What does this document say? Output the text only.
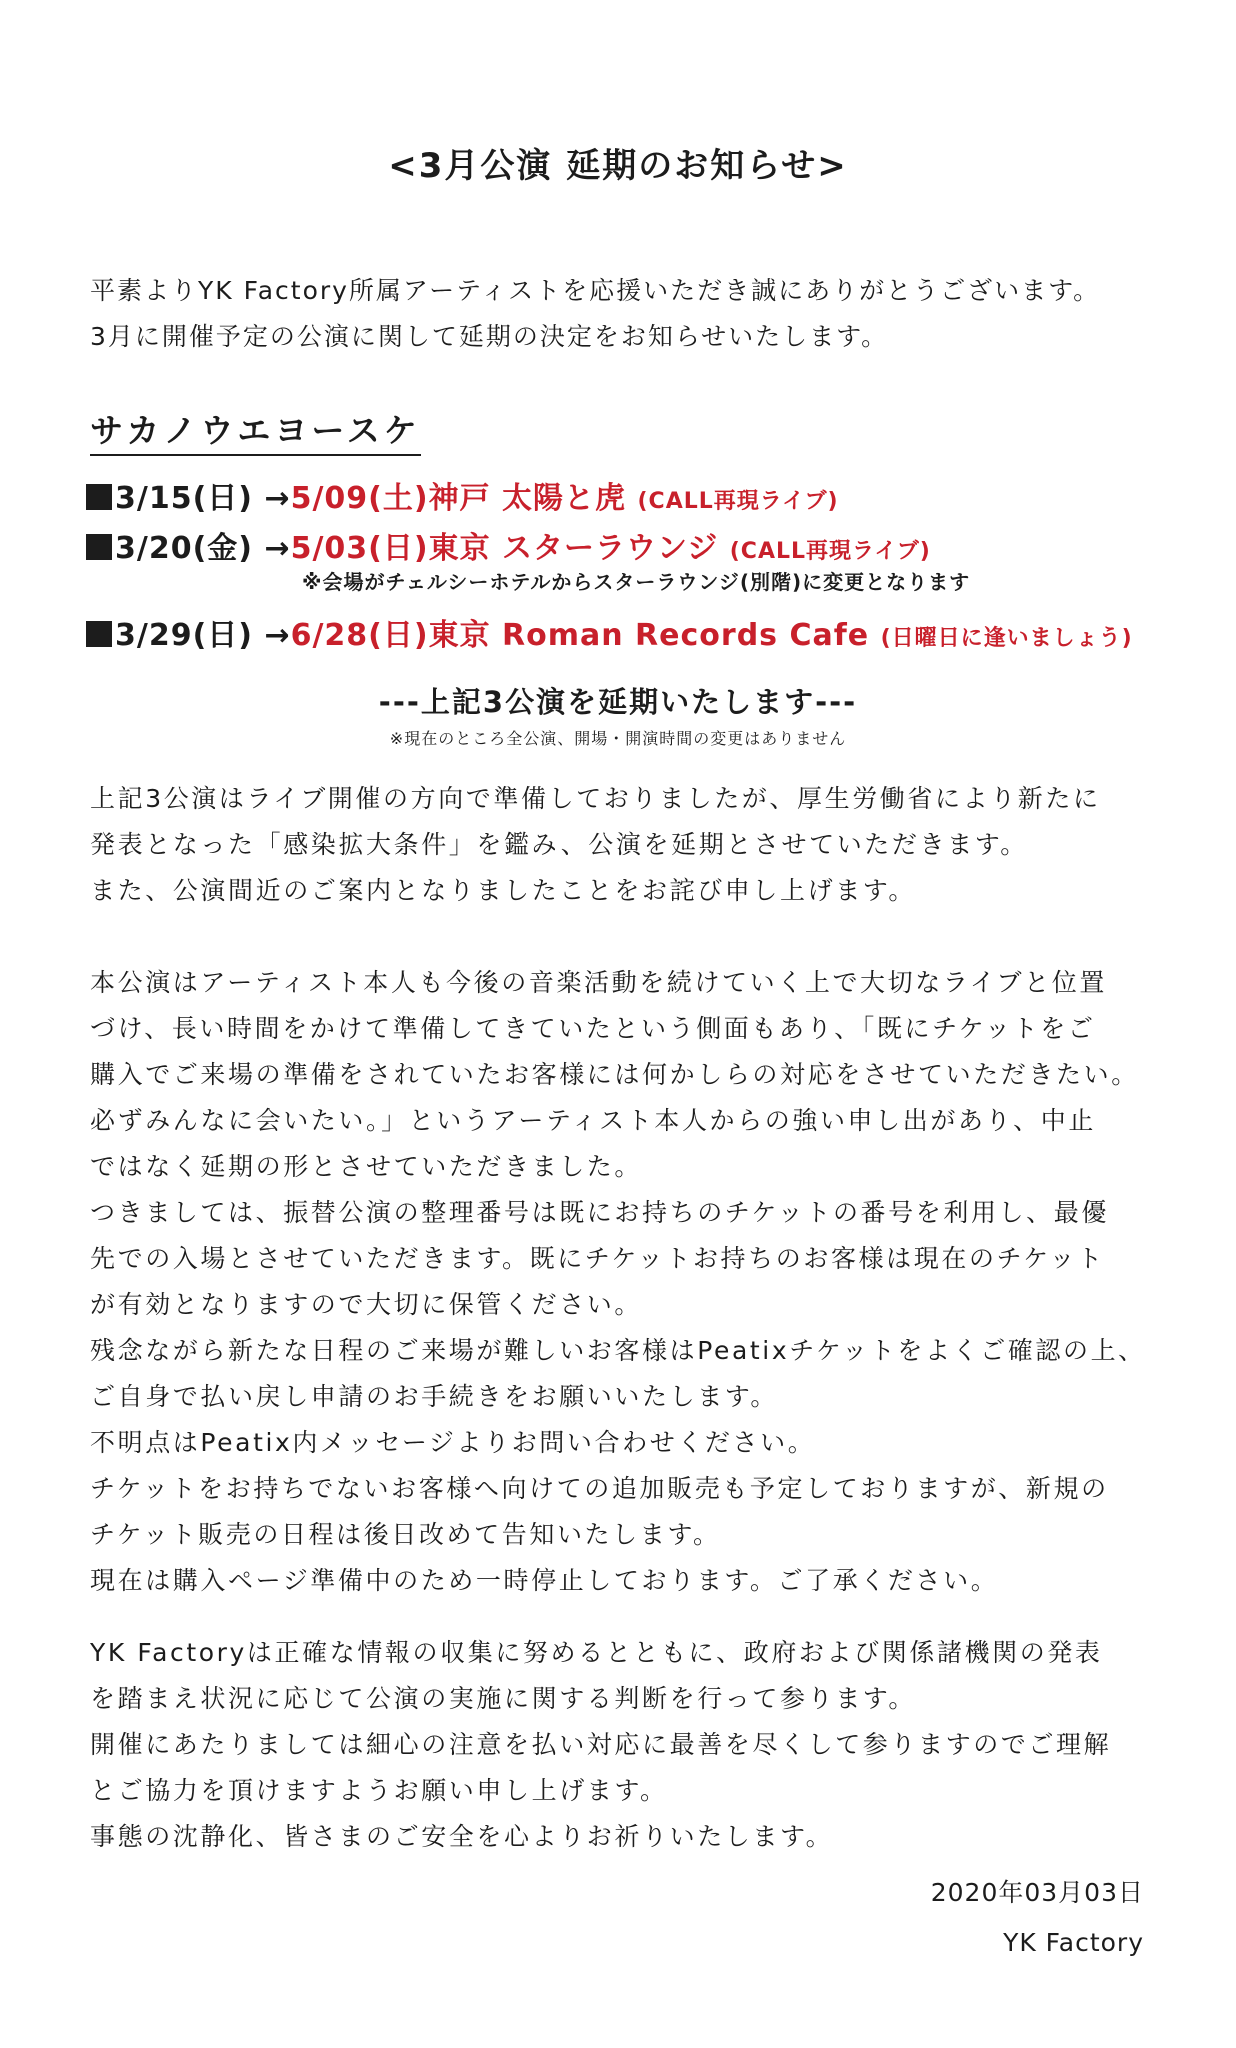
<3月公演 延期のお知らせ>
平素よりYK Factory所属アーティストを応援いただき誠にありがとうございます。
3月に開催予定の公演に関して延期の決定をお知らせいたします。
サカノウエヨースケ
3/15(日) →5/09(土)神戸 太陽と虎 (CALL再現ライブ)
3/20(金) →5/03(日)東京 スターラウンジ (CALL再現ライブ)
※会場がチェルシーホテルからスターラウンジ(別階)に変更となります
3/29(日) →6/28(日)東京 Roman Records Cafe (日曜日に逢いましょう)
---上記3公演を延期いたします---
※現在のところ全公演、開場・開演時間の変更はありません
上記3公演はライブ開催の方向で準備しておりましたが、厚生労働省により新たに
発表となった「感染拡大条件」を鑑み、公演を延期とさせていただきます。
また、公演間近のご案内となりましたことをお詫び申し上げます。
本公演はアーティスト本人も今後の音楽活動を続けていく上で大切なライブと位置
づけ、長い時間をかけて準備してきていたという側面もあり、「既にチケットをご
購入でご来場の準備をされていたお客様には何かしらの対応をさせていただきたい。
必ずみんなに会いたい。」というアーティスト本人からの強い申し出があり、中止
ではなく延期の形とさせていただきました。
つきましては、振替公演の整理番号は既にお持ちのチケットの番号を利用し、最優
先での入場とさせていただきます。既にチケットお持ちのお客様は現在のチケット
が有効となりますので大切に保管ください。
残念ながら新たな日程のご来場が難しいお客様はPeatixチケットをよくご確認の上、
ご自身で払い戻し申請のお手続きをお願いいたします。
不明点はPeatix内メッセージよりお問い合わせください。
チケットをお持ちでないお客様へ向けての追加販売も予定しておりますが、新規の
チケット販売の日程は後日改めて告知いたします。
現在は購入ページ準備中のため一時停止しております。ご了承ください。
YK Factoryは正確な情報の収集に努めるとともに、政府および関係諸機関の発表
を踏まえ状況に応じて公演の実施に関する判断を行って参ります。
開催にあたりましては細心の注意を払い対応に最善を尽くして参りますのでご理解
とご協力を頂けますようお願い申し上げます。
事態の沈静化、皆さまのご安全を心よりお祈りいたします。
2020年03月03日
YK Factory
